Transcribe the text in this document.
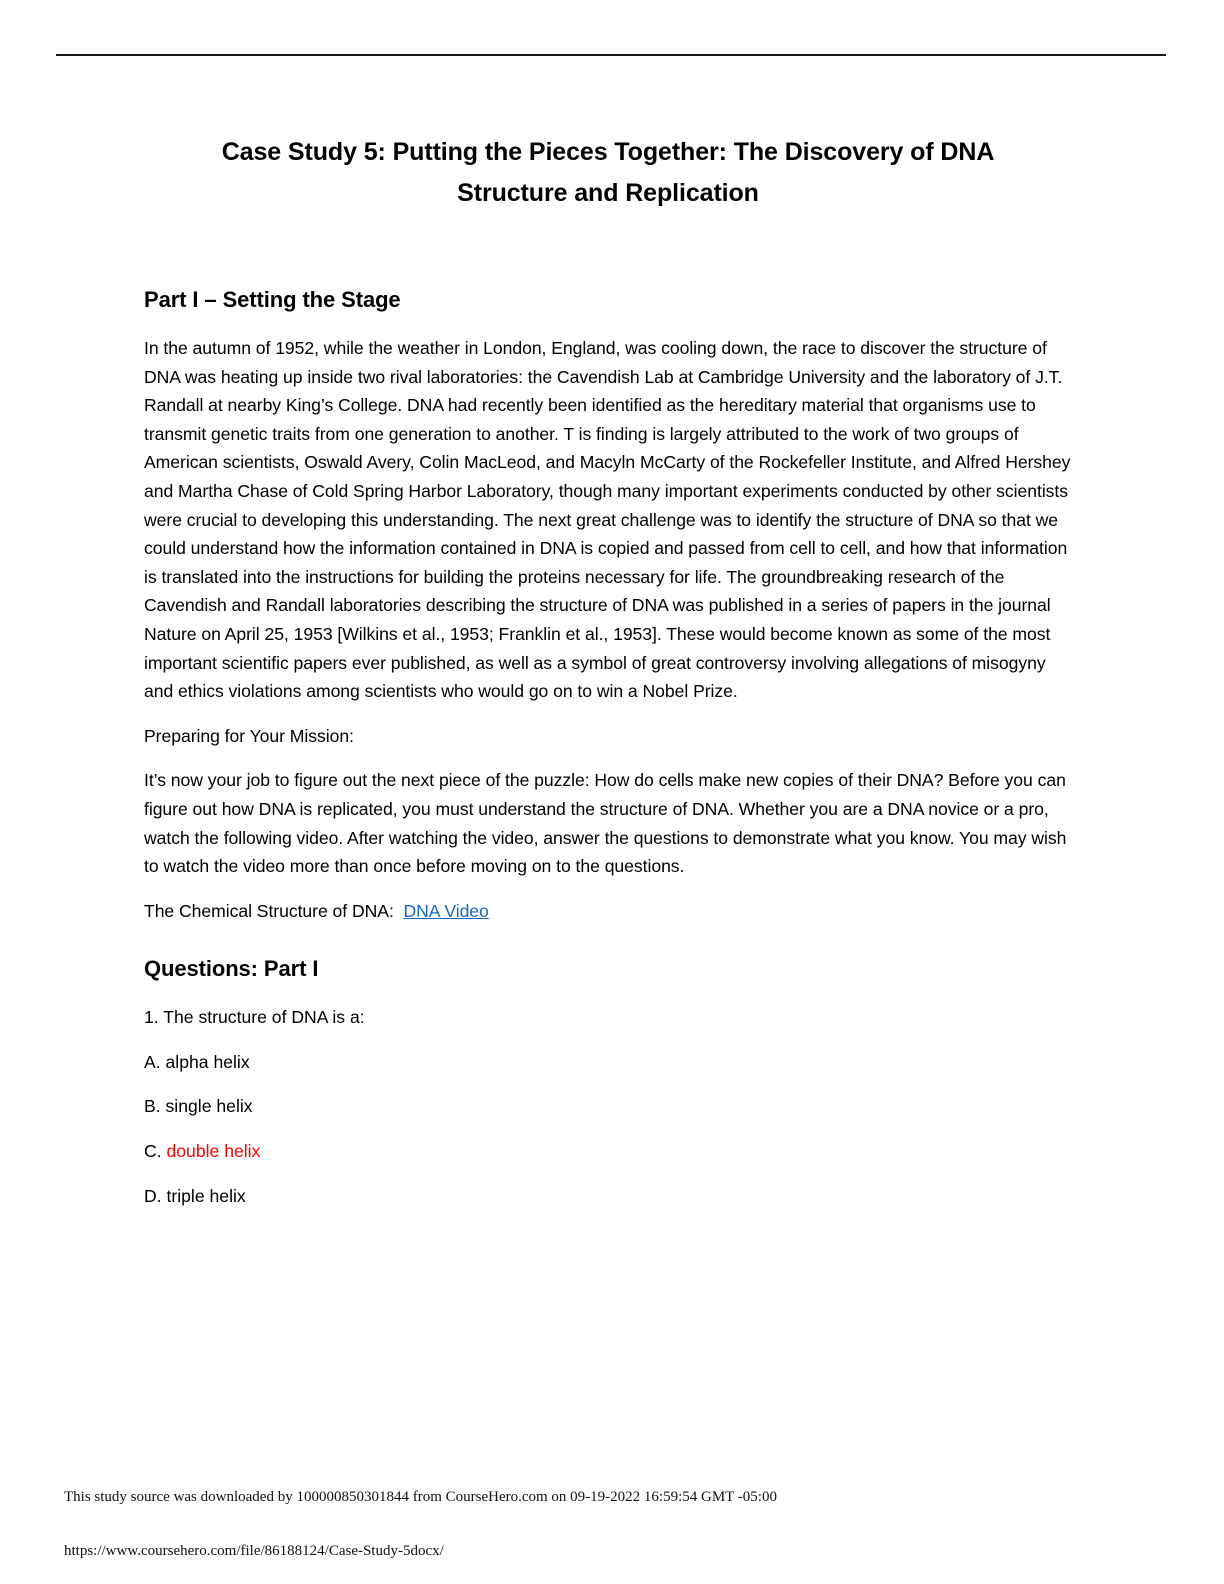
Case Study 5: Putting the Pieces Together: The Discovery of DNA Structure and Replication
Part I – Setting the Stage

In the autumn of 1952, while the weather in London, England, was cooling down, the race to discover the structure of DNA was heating up inside two rival laboratories: the Cavendish Lab at Cambridge University and the laboratory of J.T. Randall at nearby King’s College. DNA had recently been identified as the hereditary material that organisms use to transmit genetic traits from one generation to another. T is finding is largely attributed to the work of two groups of American scientists, Oswald Avery, Colin MacLeod, and Macyln McCarty of the Rockefeller Institute, and Alfred Hershey and Martha Chase of Cold Spring Harbor Laboratory, though many important experiments conducted by other scientists were crucial to developing this understanding. The next great challenge was to identify the structure of DNA so that we could understand how the information contained in DNA is copied and passed from cell to cell, and how that information is translated into the instructions for building the proteins necessary for life. The groundbreaking research of the Cavendish and Randall laboratories describing the structure of DNA was published in a series of papers in the journal Nature on April 25, 1953 [Wilkins et al., 1953; Franklin et al., 1953]. These would become known as some of the most important scientific papers ever published, as well as a symbol of great controversy involving allegations of misogyny and ethics violations among scientists who would go on to win a Nobel Prize.

Preparing for Your Mission:

It’s now your job to figure out the next piece of the puzzle: How do cells make new copies of their DNA? Before you can figure out how DNA is replicated, you must understand the structure of DNA. Whether you are a DNA novice or a pro, watch the following video. After watching the video, answer the questions to demonstrate what you know. You may wish to watch the video more than once before moving on to the questions.

The Chemical Structure of DNA: DNA Video

Questions: Part I

1. The structure of DNA is a:

A. alpha helix

B. single helix

C. double helix

D. triple helix

This study source was downloaded by 100000850301844 from CourseHero.com on 09-19-2022 16:59:54 GMT -05:00
https://www.coursehero.com/file/86188124/Case-Study-5docx/
